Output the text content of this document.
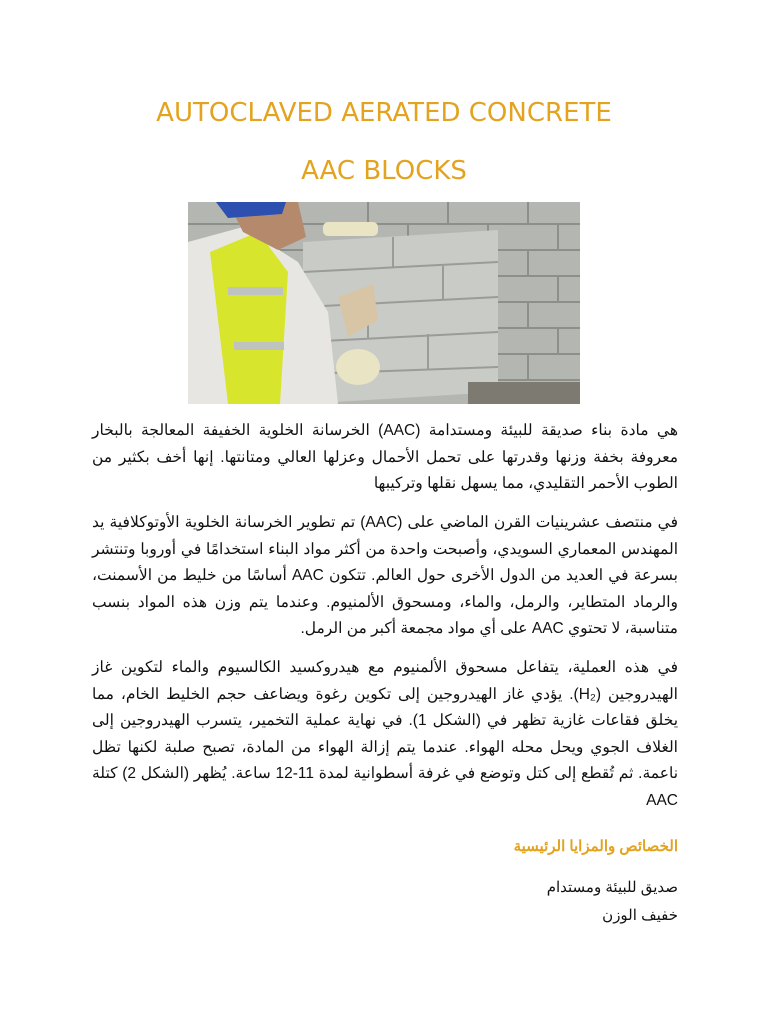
AUTOCLAVED AERATED CONCRETE
AAC BLOCKS

هي مادة بناء صديقة للبيئة ومستدامة (AAC) الخرسانة الخلوية الخفيفة المعالجة بالبخار معروفة بخفة وزنها وقدرتها على تحمل الأحمال وعزلها العالي ومتانتها. إنها أخف بكثير من الطوب الأحمر التقليدي، مما يسهل نقلها وتركيبها

في منتصف عشرينيات القرن الماضي على (AAC) تم تطوير الخرسانة الخلوية الأوتوكلافية يد المهندس المعماري السويدي، وأصبحت واحدة من أكثر مواد البناء استخدامًا في أوروبا وتنتشر بسرعة في العديد من الدول الأخرى حول العالم. تتكون AAC أساسًا من خليط من الأسمنت، والرماد المتطاير، والرمل، والماء، ومسحوق الألمنيوم. وعندما يتم وزن هذه المواد بنسب متناسبة، لا تحتوي AAC على أي مواد مجمعة أكبر من الرمل.

في هذه العملية، يتفاعل مسحوق الألمنيوم مع هيدروكسيد الكالسيوم والماء لتكوين غاز الهيدروجين (H₂). يؤدي غاز الهيدروجين إلى تكوين رغوة ويضاعف حجم الخليط الخام، مما يخلق فقاعات غازية تظهر في (الشكل 1). في نهاية عملية التخمير، يتسرب الهيدروجين إلى الغلاف الجوي ويحل محله الهواء. عندما يتم إزالة الهواء من المادة، تصبح صلبة لكنها تظل ناعمة. ثم تُقطع إلى كتل وتوضع في غرفة أسطوانية لمدة 11-12 ساعة. يُظهر (الشكل 2) كتلة AAC

الخصائص والمزايا الرئيسية

صديق للبيئة ومستدام
خفيف الوزن
